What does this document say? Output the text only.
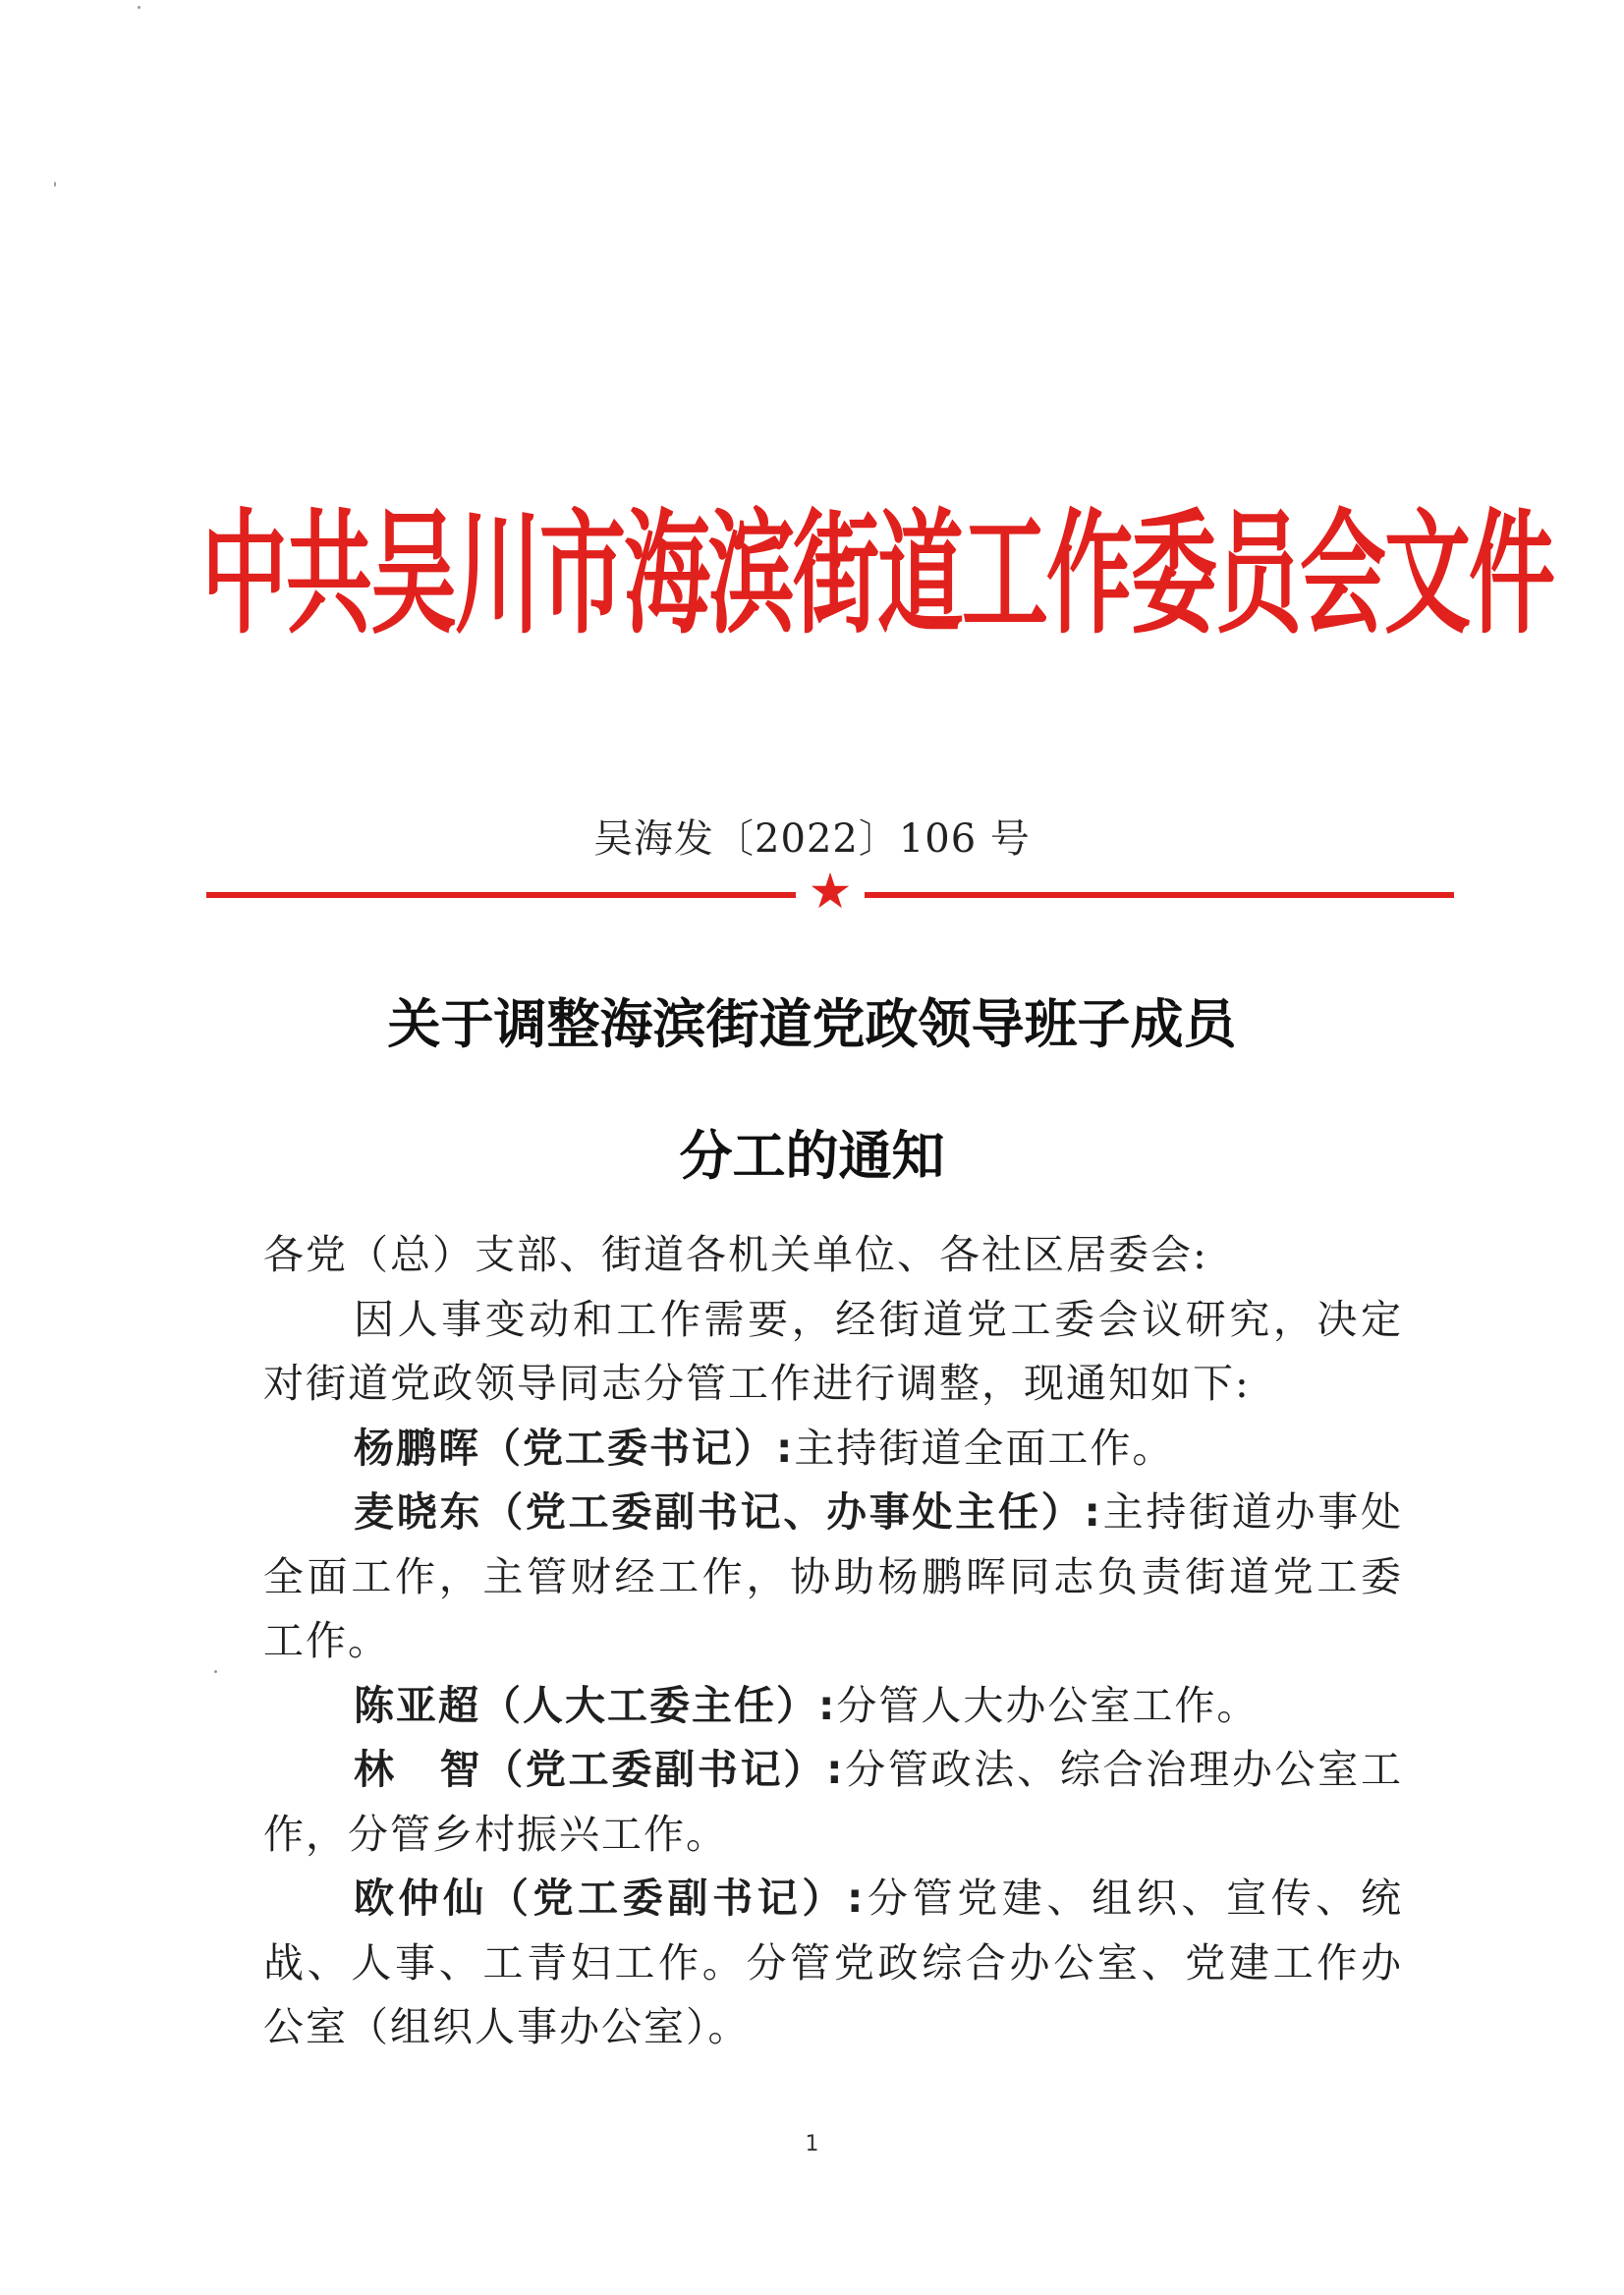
中共吴川市海滨街道工作委员会文件
吴海发〔2022〕106 号
★
关于调整海滨街道党政领导班子成员
分工的通知

各党（总）支部、街道各机关单位、各社区居委会:

因人事变动和工作需要，经街道党工委会议研究，决定对街道党政领导同志分管工作进行调整，现通知如下:

杨鹏晖（党工委书记）:主持街道全面工作。

麦晓东（党工委副书记、办事处主任）:主持街道办事处全面工作，主管财经工作，协助杨鹏晖同志负责街道党工委工作。

陈亚超（人大工委主任）:分管人大办公室工作。

林　智（党工委副书记）:分管政法、综合治理办公室工作，分管乡村振兴工作。

欧仲仙（党工委副书记）:分管党建、组织、宣传、统战、人事、工青妇工作。分管党政综合办公室、党建工作办公室（组织人事办公室）。

1
